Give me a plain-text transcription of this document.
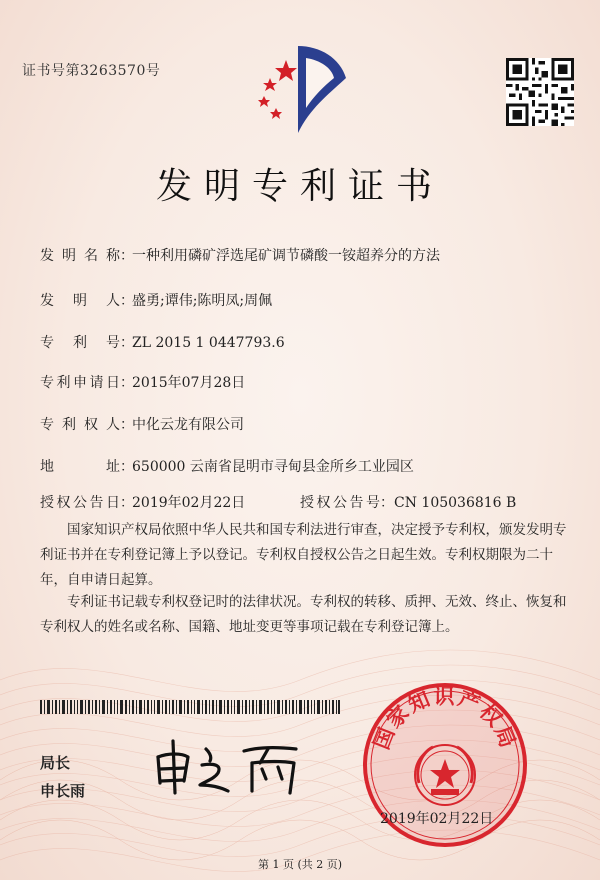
证书号第3263570号
发明专利证书
发明名称：一种利用磷矿浮选尾矿调节磷酸一铵超养分的方法
发明人：盛勇;谭伟;陈明凤;周佩
专利号：ZL 2015 1 0447793.6
专利申请日：2015年07月28日
专利权人：中化云龙有限公司
地址：650000 云南省昆明市寻甸县金所乡工业园区
授权公告日：2019年02月22日	授权公告号：CN 105036816 B
国家知识产权局依照中华人民共和国专利法进行审查，决定授予专利权，颁发发明专利证书并在专利登记簿上予以登记。专利权自授权公告之日起生效。专利权期限为二十年，自申请日起算。
专利证书记载专利权登记时的法律状况。专利权的转移、质押、无效、终止、恢复和专利权人的姓名或名称、国籍、地址变更等事项记载在专利登记簿上。
局长
申长雨
国家知识产权局
2019年02月22日
第 1 页 (共 2 页)
